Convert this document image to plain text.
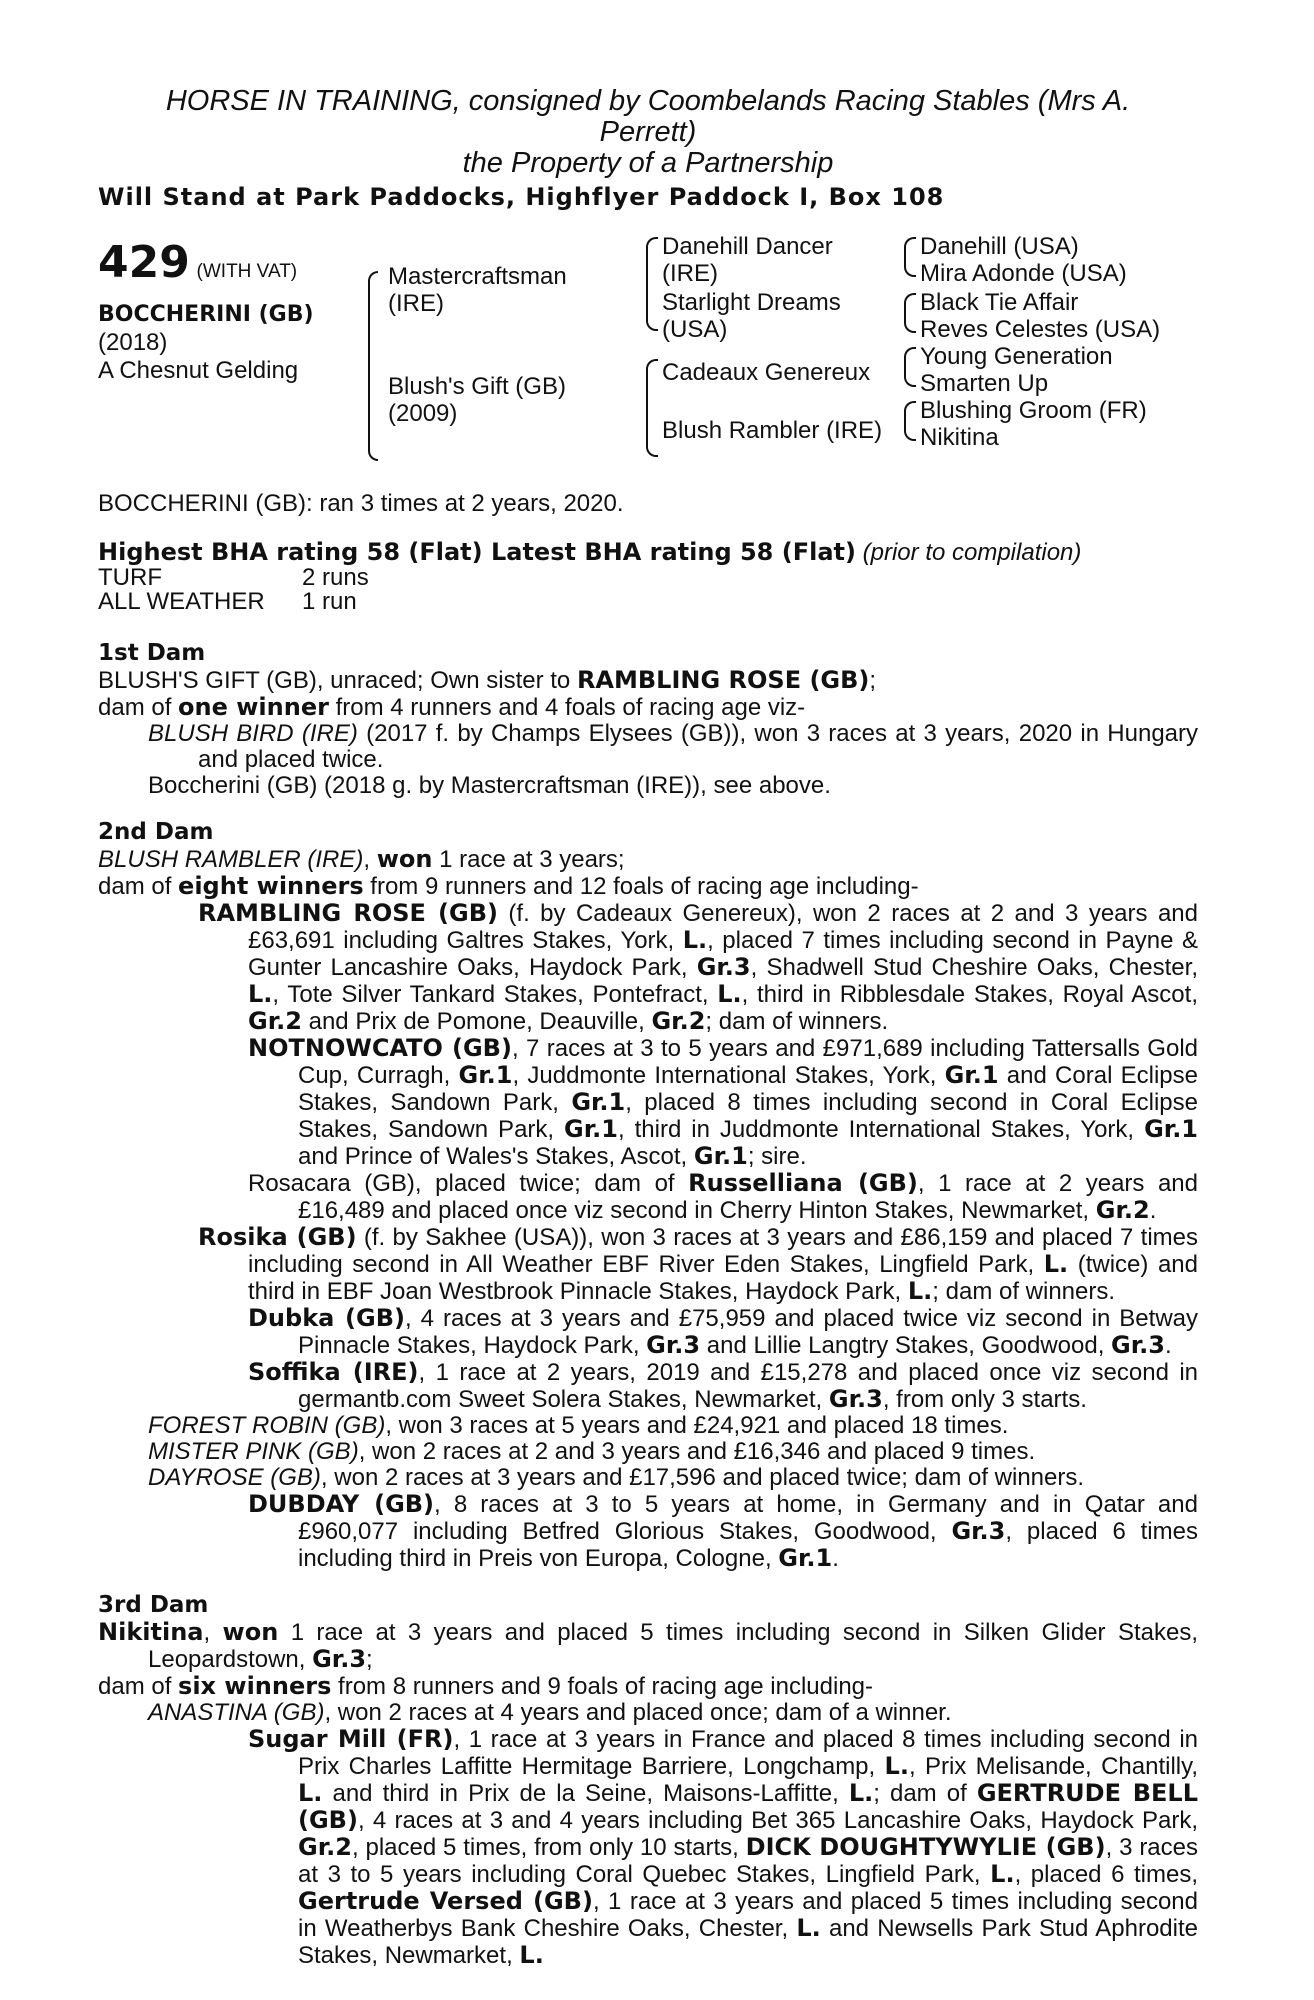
HORSE IN TRAINING, consigned by Coombelands Racing Stables (Mrs A.

Perrett)

the Property of a Partnership

Will Stand at Park Paddocks, Highflyer Paddock I, Box 108
429 (WITH VAT)
BOCCHERINI (GB)
(2018)
A Chesnut Gelding
Mastercraftsman
(IRE)
Blush's Gift (GB)
(2009)
Danehill Dancer
(IRE)
Starlight Dreams
(USA)
Cadeaux Genereux
Blush Rambler (IRE)
Danehill (USA)
Mira Adonde (USA)
Black Tie Affair
Reves Celestes (USA)
Young Generation
Smarten Up
Blushing Groom (FR)
Nikitina
BOCCHERINI (GB): ran 3 times at 2 years, 2020.
Highest BHA rating 58 (Flat) Latest BHA rating 58 (Flat) (prior to compilation)
TURF	2 runs
ALL WEATHER	1 run
1st Dam

BLUSH'S GIFT (GB), unraced; Own sister to RAMBLING ROSE (GB);

dam of one winner from 4 runners and 4 foals of racing age viz-

BLUSH BIRD (IRE) (2017 f. by Champs Elysees (GB)), won 3 races at 3 years, 2020 in Hungary and placed twice.

Boccherini (GB) (2018 g. by Mastercraftsman (IRE)), see above.

2nd Dam

BLUSH RAMBLER (IRE), won 1 race at 3 years;

dam of eight winners from 9 runners and 12 foals of racing age including-

RAMBLING ROSE (GB) (f. by Cadeaux Genereux), won 2 races at 2 and 3 years and £63,691 including Galtres Stakes, York, L., placed 7 times including second in Payne & Gunter Lancashire Oaks, Haydock Park, Gr.3, Shadwell Stud Cheshire Oaks, Chester, L., Tote Silver Tankard Stakes, Pontefract, L., third in Ribblesdale Stakes, Royal Ascot, Gr.2 and Prix de Pomone, Deauville, Gr.2; dam of winners.

NOTNOWCATO (GB), 7 races at 3 to 5 years and £971,689 including Tattersalls Gold Cup, Curragh, Gr.1, Juddmonte International Stakes, York, Gr.1 and Coral Eclipse Stakes, Sandown Park, Gr.1, placed 8 times including second in Coral Eclipse Stakes, Sandown Park, Gr.1, third in Juddmonte International Stakes, York, Gr.1 and Prince of Wales's Stakes, Ascot, Gr.1; sire.

Rosacara (GB), placed twice; dam of Russelliana (GB), 1 race at 2 years and £16,489 and placed once viz second in Cherry Hinton Stakes, Newmarket, Gr.2.

Rosika (GB) (f. by Sakhee (USA)), won 3 races at 3 years and £86,159 and placed 7 times including second in All Weather EBF River Eden Stakes, Lingfield Park, L. (twice) and third in EBF Joan Westbrook Pinnacle Stakes, Haydock Park, L.; dam of winners.

Dubka (GB), 4 races at 3 years and £75,959 and placed twice viz second in Betway Pinnacle Stakes, Haydock Park, Gr.3 and Lillie Langtry Stakes, Goodwood, Gr.3.

Soffika (IRE), 1 race at 2 years, 2019 and £15,278 and placed once viz second in germantb.com Sweet Solera Stakes, Newmarket, Gr.3, from only 3 starts.

FOREST ROBIN (GB), won 3 races at 5 years and £24,921 and placed 18 times.

MISTER PINK (GB), won 2 races at 2 and 3 years and £16,346 and placed 9 times.

DAYROSE (GB), won 2 races at 3 years and £17,596 and placed twice; dam of winners.

DUBDAY (GB), 8 races at 3 to 5 years at home, in Germany and in Qatar and £960,077 including Betfred Glorious Stakes, Goodwood, Gr.3, placed 6 times including third in Preis von Europa, Cologne, Gr.1.

3rd Dam

Nikitina, won 1 race at 3 years and placed 5 times including second in Silken Glider Stakes, Leopardstown, Gr.3;

dam of six winners from 8 runners and 9 foals of racing age including-

ANASTINA (GB), won 2 races at 4 years and placed once; dam of a winner.

Sugar Mill (FR), 1 race at 3 years in France and placed 8 times including second in Prix Charles Laffitte Hermitage Barriere, Longchamp, L., Prix Melisande, Chantilly, L. and third in Prix de la Seine, Maisons-Laffitte, L.; dam of GERTRUDE BELL (GB), 4 races at 3 and 4 years including Bet 365 Lancashire Oaks, Haydock Park, Gr.2, placed 5 times, from only 10 starts, DICK DOUGHTYWYLIE (GB), 3 races at 3 to 5 years including Coral Quebec Stakes, Lingfield Park, L., placed 6 times, Gertrude Versed (GB), 1 race at 3 years and placed 5 times including second in Weatherbys Bank Cheshire Oaks, Chester, L. and Newsells Park Stud Aphrodite Stakes, Newmarket, L.
